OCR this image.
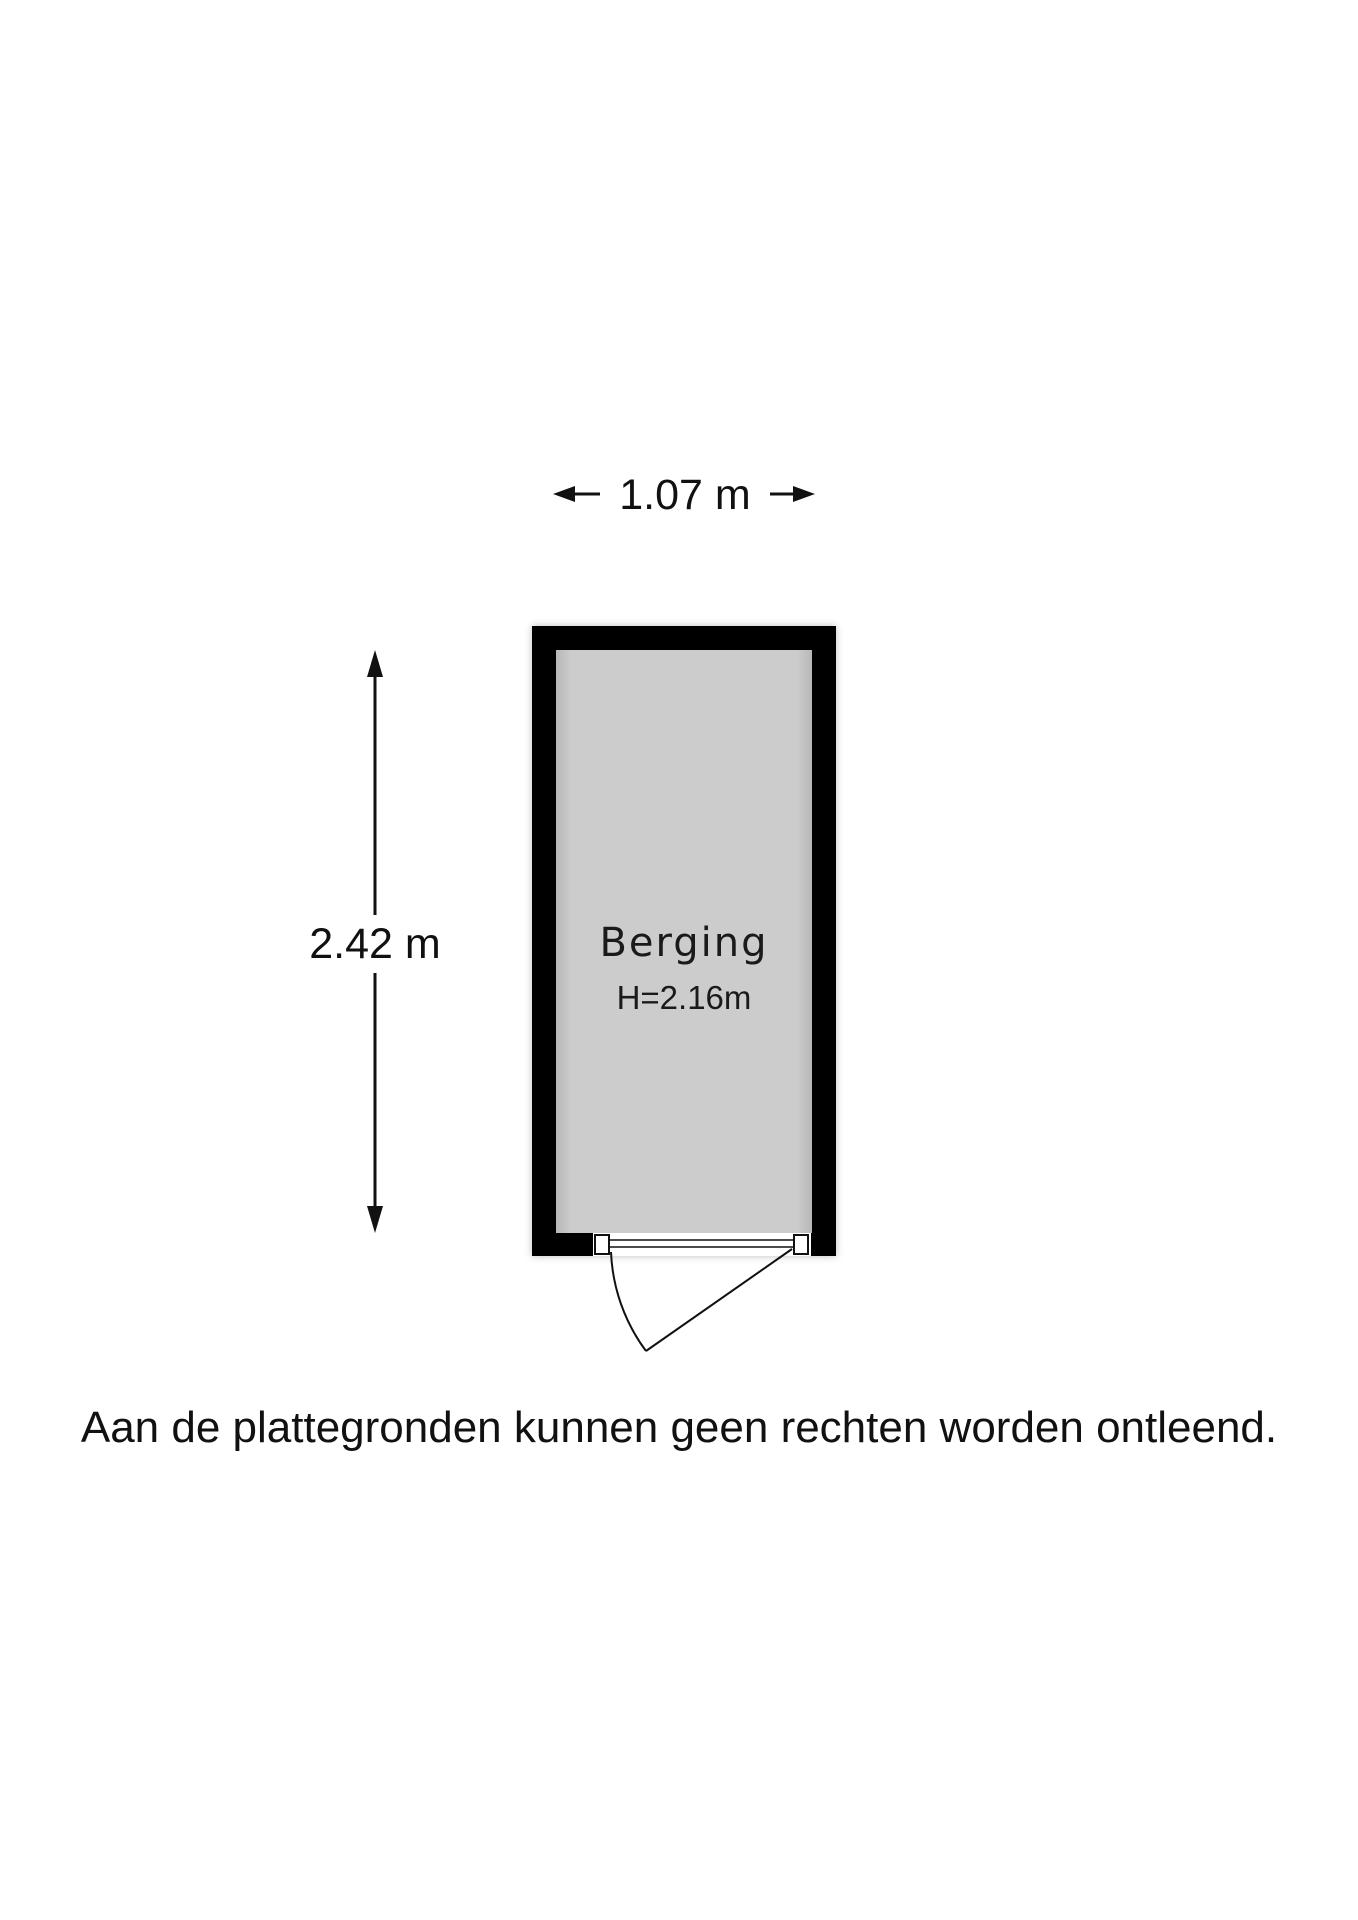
1.07 m
2.42 m	Berging
H=2.16m
Aan de plattegronden kunnen geen rechten worden ontleend.
